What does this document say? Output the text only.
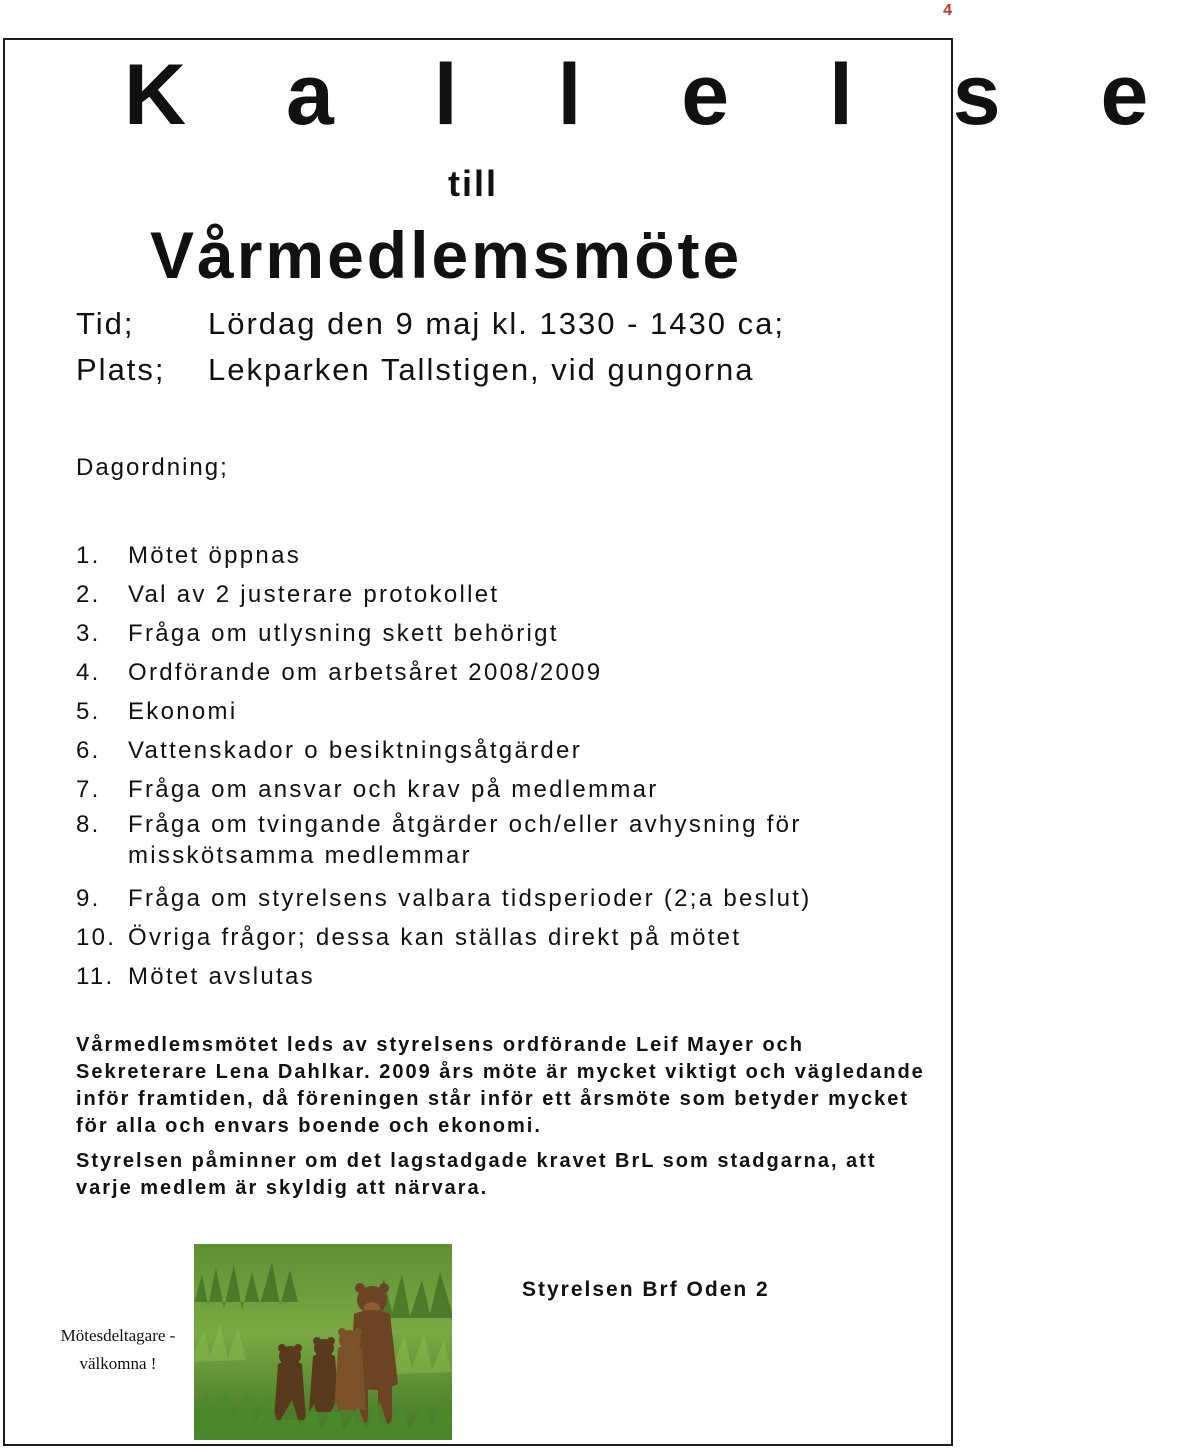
4
K a l l e l s e
till
Vårmedlemsmöte
Tid; Lördag den 9 maj kl. 1330 - 1430 ca;
Plats; Lekparken Tallstigen, vid gungorna
Dagordning;
1. Mötet öppnas
2. Val av 2 justerare protokollet
3. Fråga om utlysning skett behörigt
4. Ordförande om arbetsåret 2008/2009
5. Ekonomi
6. Vattenskador o besiktningsåtgärder
7. Fråga om ansvar och krav på medlemmar
8. Fråga om tvingande åtgärder och/eller avhysning för misskötsamma medlemmar
9. Fråga om styrelsens valbara tidsperioder (2;a beslut)
10. Övriga frågor; dessa kan ställas direkt på mötet
11. Mötet avslutas

Vårmedlemsmötet leds av styrelsens ordförande Leif Mayer och Sekreterare Lena Dahlkar. 2009 års möte är mycket viktigt och vägledande inför framtiden, då föreningen står inför ett årsmöte som betyder mycket för alla och envars boende och ekonomi.

Styrelsen påminner om det lagstadgade kravet BrL som stadgarna, att varje medlem är skyldig att närvara.

Mötesdeltagare - välkomna !
Styrelsen Brf Oden 2
